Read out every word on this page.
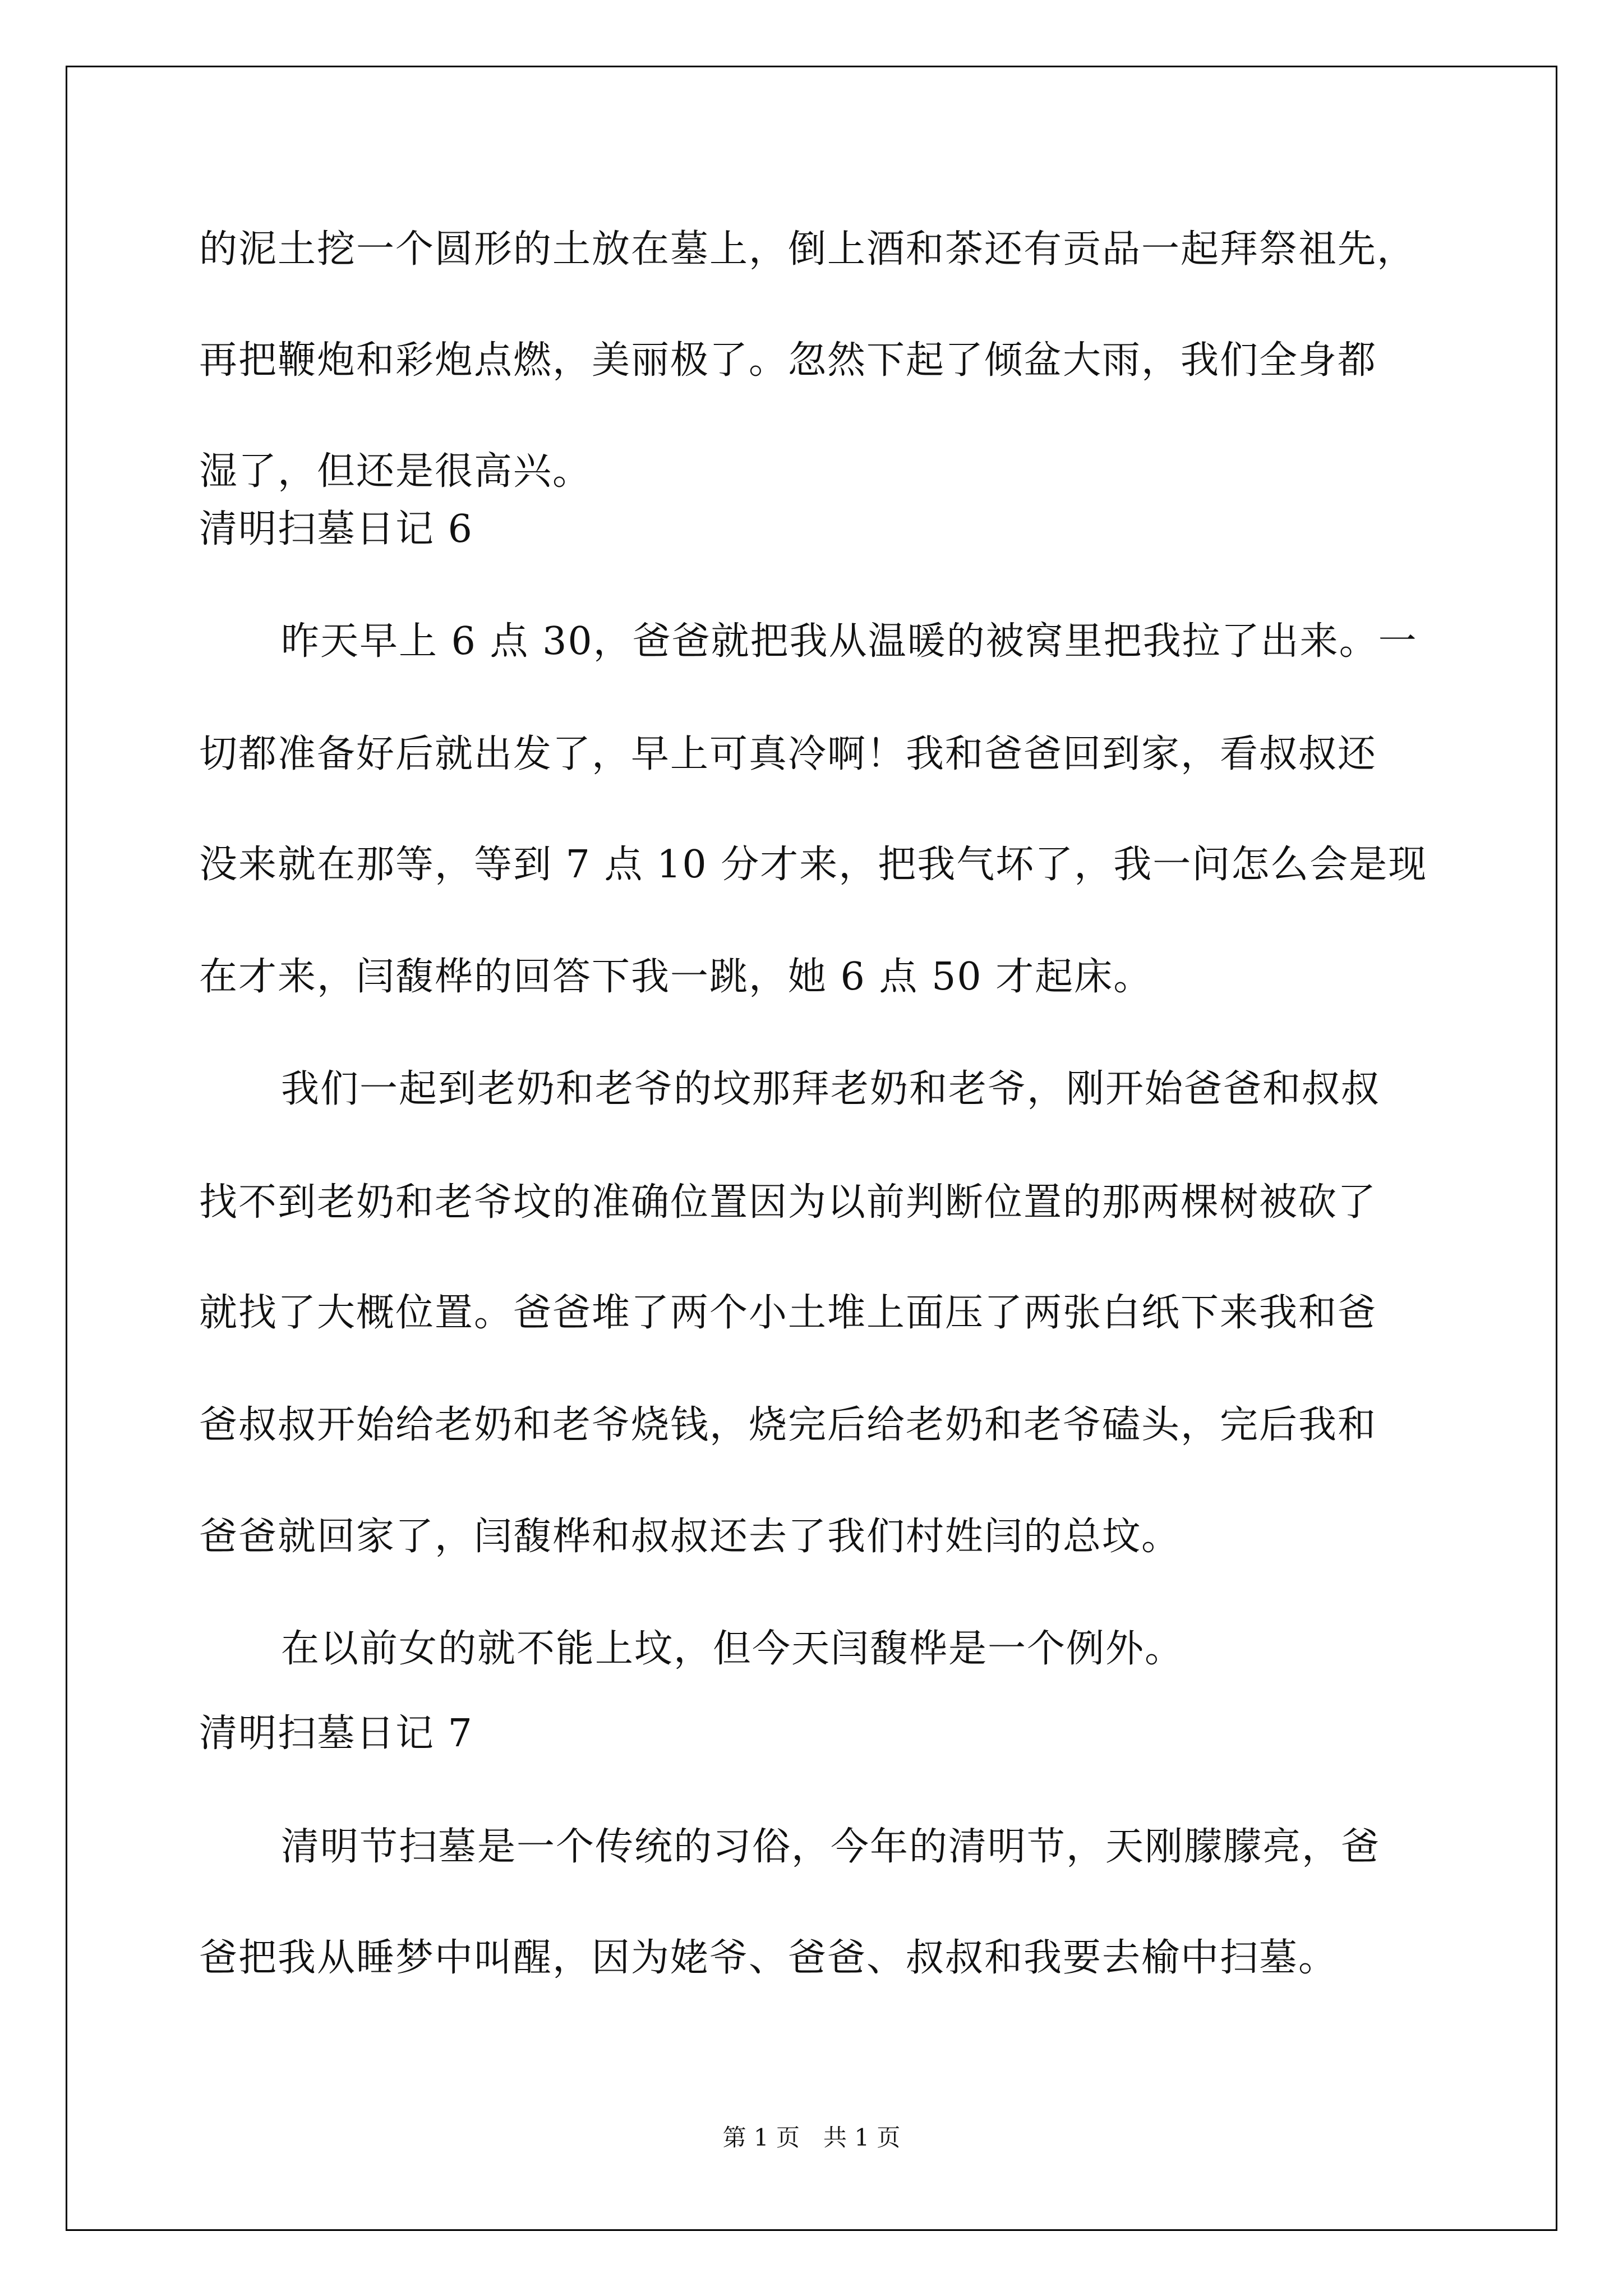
的泥土挖一个圆形的土放在墓上，倒上酒和茶还有贡品一起拜祭祖先，
再把鞭炮和彩炮点燃，美丽极了。忽然下起了倾盆大雨，我们全身都
湿了，但还是很高兴。
清明扫墓日记 6
昨天早上 6 点 30，爸爸就把我从温暖的被窝里把我拉了出来。一
切都准备好后就出发了，早上可真冷啊！我和爸爸回到家，看叔叔还
没来就在那等，等到 7 点 10 分才来，把我气坏了，我一问怎么会是现
在才来，闫馥桦的回答下我一跳，她 6 点 50 才起床。
我们一起到老奶和老爷的坟那拜老奶和老爷，刚开始爸爸和叔叔
找不到老奶和老爷坟的准确位置因为以前判断位置的那两棵树被砍了
就找了大概位置。爸爸堆了两个小土堆上面压了两张白纸下来我和爸
爸叔叔开始给老奶和老爷烧钱，烧完后给老奶和老爷磕头，完后我和
爸爸就回家了，闫馥桦和叔叔还去了我们村姓闫的总坟。
在以前女的就不能上坟，但今天闫馥桦是一个例外。
清明扫墓日记 7
清明节扫墓是一个传统的习俗，今年的清明节，天刚朦朦亮，爸
爸把我从睡梦中叫醒，因为姥爷、爸爸、叔叔和我要去榆中扫墓。
第 1 页　共 1 页
